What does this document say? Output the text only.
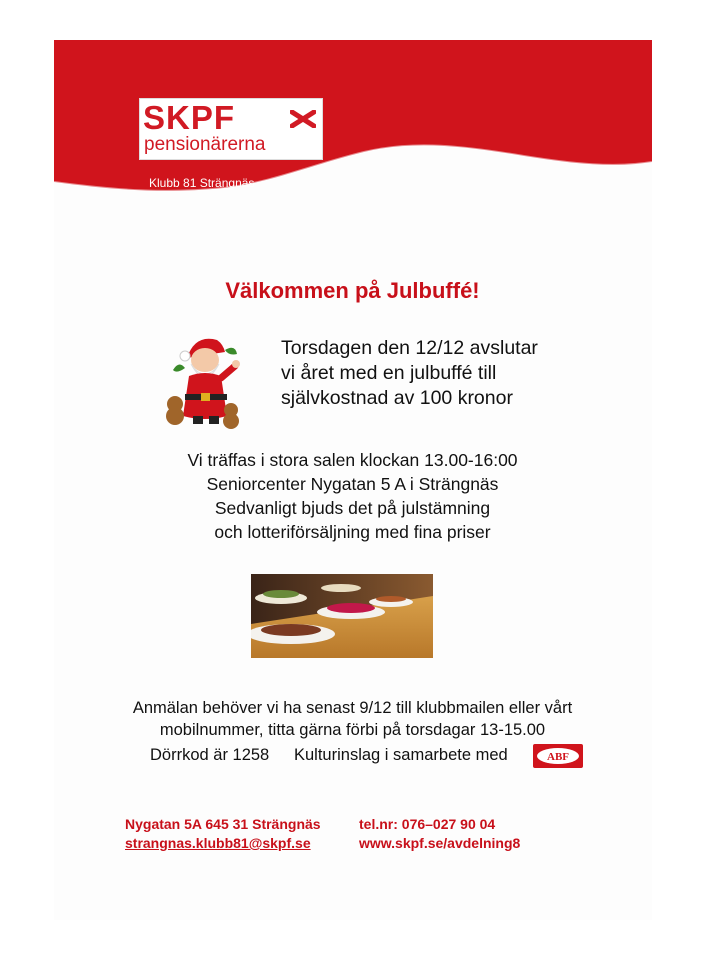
SKPF
pensionärerna
Klubb 81 Strängnäs
Välkommen på Julbuffé!
Torsdagen den 12/12 avslutar
vi året med en julbuffé till
självkostnad av 100 kronor
Vi träffas i stora salen klockan 13.00-16:00
Seniorcenter Nygatan 5 A i Strängnäs
Sedvanligt bjuds det på julstämning
och lotteriförsäljning med fina priser
Anmälan behöver vi ha senast 9/12 till klubbmailen eller vårt
mobilnummer, titta gärna förbi på torsdagar 13-15.00
Dörrkod är 1258 Kulturinslag i samarbete med	ABF
Nygatan 5A 645 31 Strängnäs	tel.nr: 076–027 90 04
strangnas.klubb81@skpf.se	www.skpf.se/avdelning8
